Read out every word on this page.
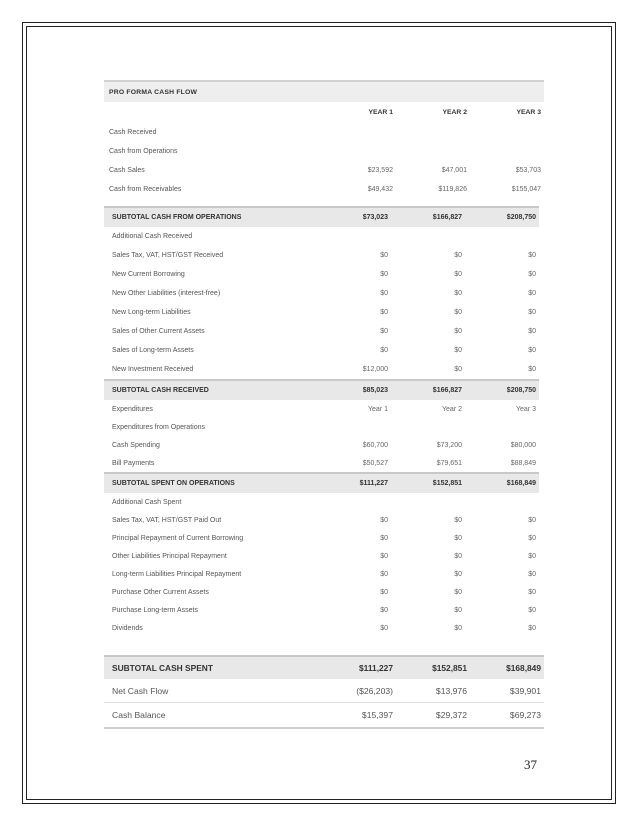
PRO FORMA CASH FLOW
YEAR 1	YEAR 2	YEAR 3
Cash Received
Cash from Operations
Cash Sales	$23,592	$47,001	$53,703
Cash from Receivables	$49,432	$119,826	$155,047
SUBTOTAL CASH FROM OPERATIONS	$73,023	$166,827	$208,750
Additional Cash Received
Sales Tax, VAT, HST/GST Received	$0	$0	$0
New Current Borrowing	$0	$0	$0
New Other Liabilities (interest-free)	$0	$0	$0
New Long-term Liabilities	$0	$0	$0
Sales of Other Current Assets	$0	$0	$0
Sales of Long-term Assets	$0	$0	$0
New Investment Received	$12,000	$0	$0
SUBTOTAL CASH RECEIVED	$85,023	$166,827	$208,750
Expenditures	Year 1	Year 2	Year 3
Expenditures from Operations
Cash Spending	$60,700	$73,200	$80,000
Bill Payments	$50,527	$79,651	$88,849
SUBTOTAL SPENT ON OPERATIONS	$111,227	$152,851	$168,849
Additional Cash Spent
Sales Tax, VAT, HST/GST Paid Out	$0	$0	$0
Principal Repayment of Current Borrowing	$0	$0	$0
Other Liabilities Principal Repayment	$0	$0	$0
Long-term Liabilities Principal Repayment	$0	$0	$0
Purchase Other Current Assets	$0	$0	$0
Purchase Long-term Assets	$0	$0	$0
Dividends	$0	$0	$0
SUBTOTAL CASH SPENT	$111,227	$152,851	$168,849
Net Cash Flow	($26,203)	$13,976	$39,901
Cash Balance	$15,397	$29,372	$69,273
37
